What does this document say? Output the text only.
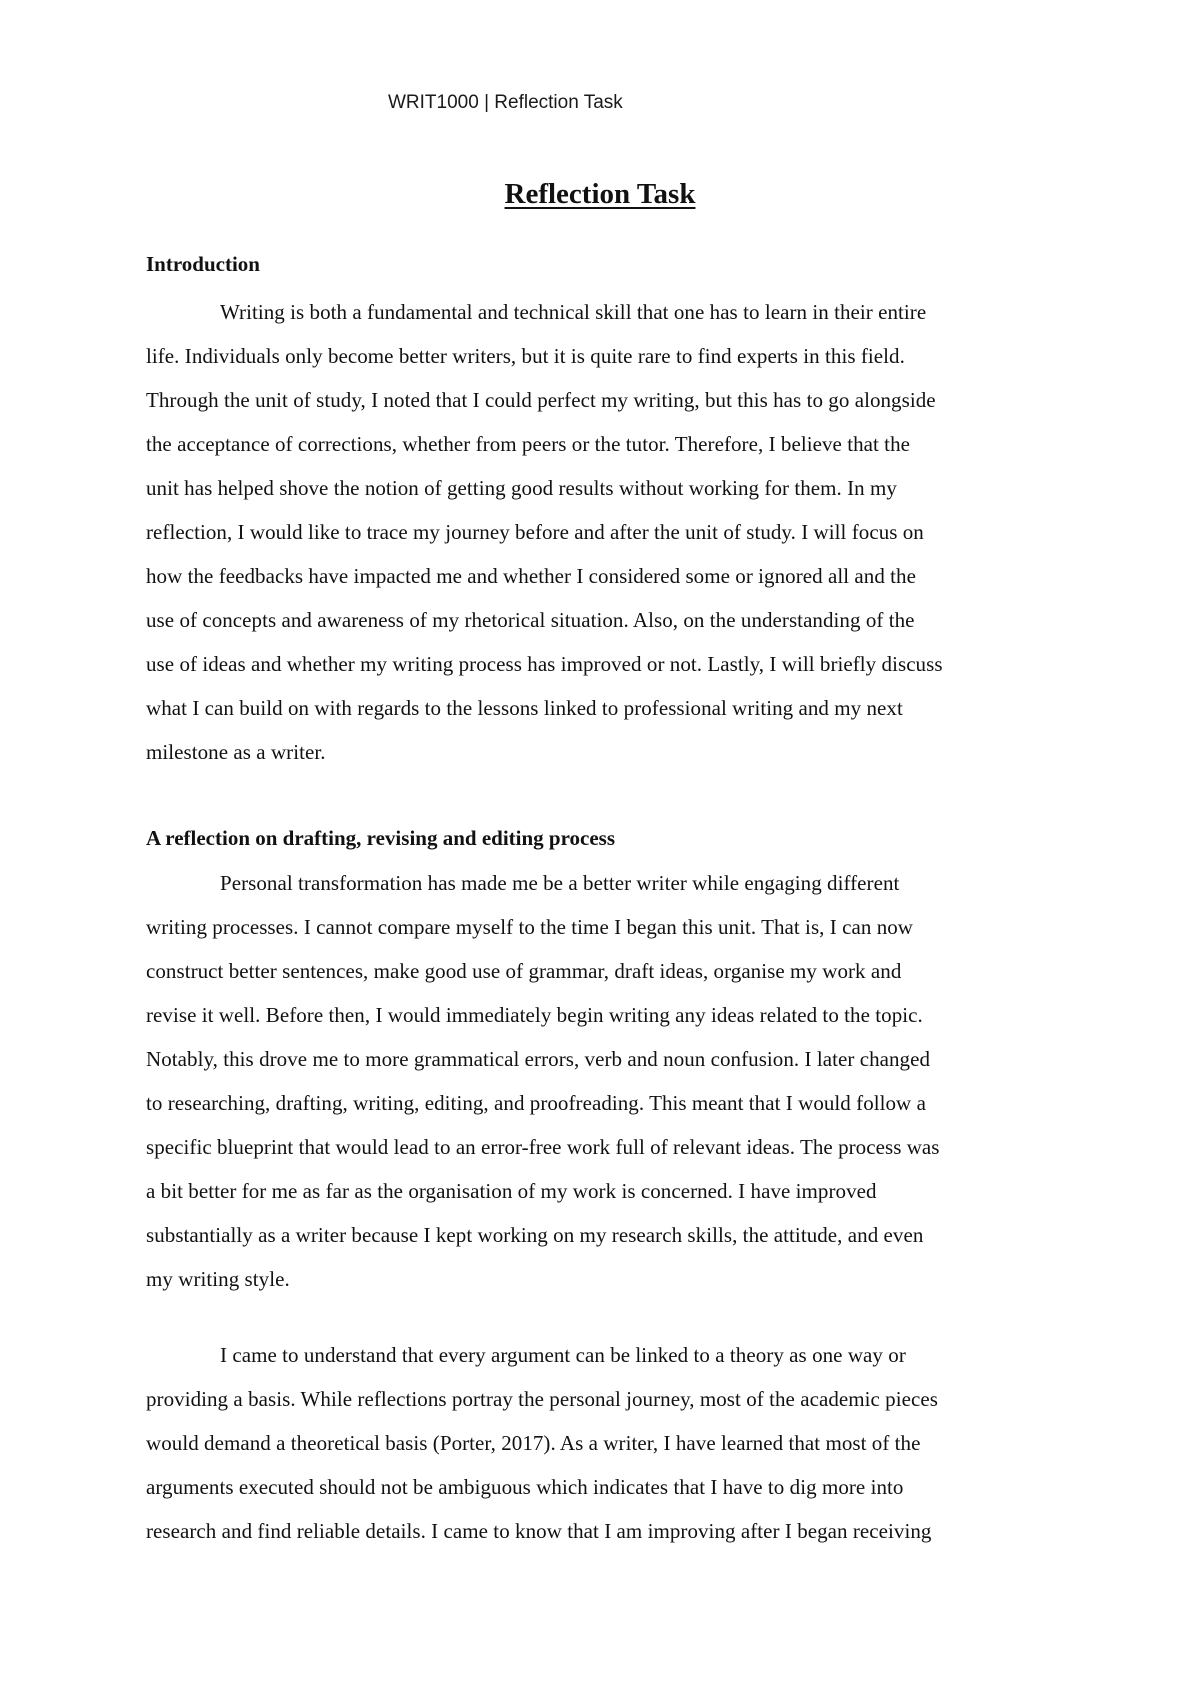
WRIT1000 | Reflection Task
Reflection Task
Introduction
Writing is both a fundamental and technical skill that one has to learn in their entire
life. Individuals only become better writers, but it is quite rare to find experts in this field.
Through the unit of study, I noted that I could perfect my writing, but this has to go alongside
the acceptance of corrections, whether from peers or the tutor. Therefore, I believe that the
unit has helped shove the notion of getting good results without working for them. In my
reflection, I would like to trace my journey before and after the unit of study. I will focus on
how the feedbacks have impacted me and whether I considered some or ignored all and the
use of concepts and awareness of my rhetorical situation. Also, on the understanding of the
use of ideas and whether my writing process has improved or not. Lastly, I will briefly discuss
what I can build on with regards to the lessons linked to professional writing and my next
milestone as a writer.
A reflection on drafting, revising and editing process
Personal transformation has made me be a better writer while engaging different
writing processes. I cannot compare myself to the time I began this unit. That is, I can now
construct better sentences, make good use of grammar, draft ideas, organise my work and
revise it well. Before then, I would immediately begin writing any ideas related to the topic.
Notably, this drove me to more grammatical errors, verb and noun confusion. I later changed
to researching, drafting, writing, editing, and proofreading. This meant that I would follow a
specific blueprint that would lead to an error-free work full of relevant ideas. The process was
a bit better for me as far as the organisation of my work is concerned. I have improved
substantially as a writer because I kept working on my research skills, the attitude, and even
my writing style.
I came to understand that every argument can be linked to a theory as one way or
providing a basis. While reflections portray the personal journey, most of the academic pieces
would demand a theoretical basis (Porter, 2017). As a writer, I have learned that most of the
arguments executed should not be ambiguous which indicates that I have to dig more into
research and find reliable details. I came to know that I am improving after I began receiving
